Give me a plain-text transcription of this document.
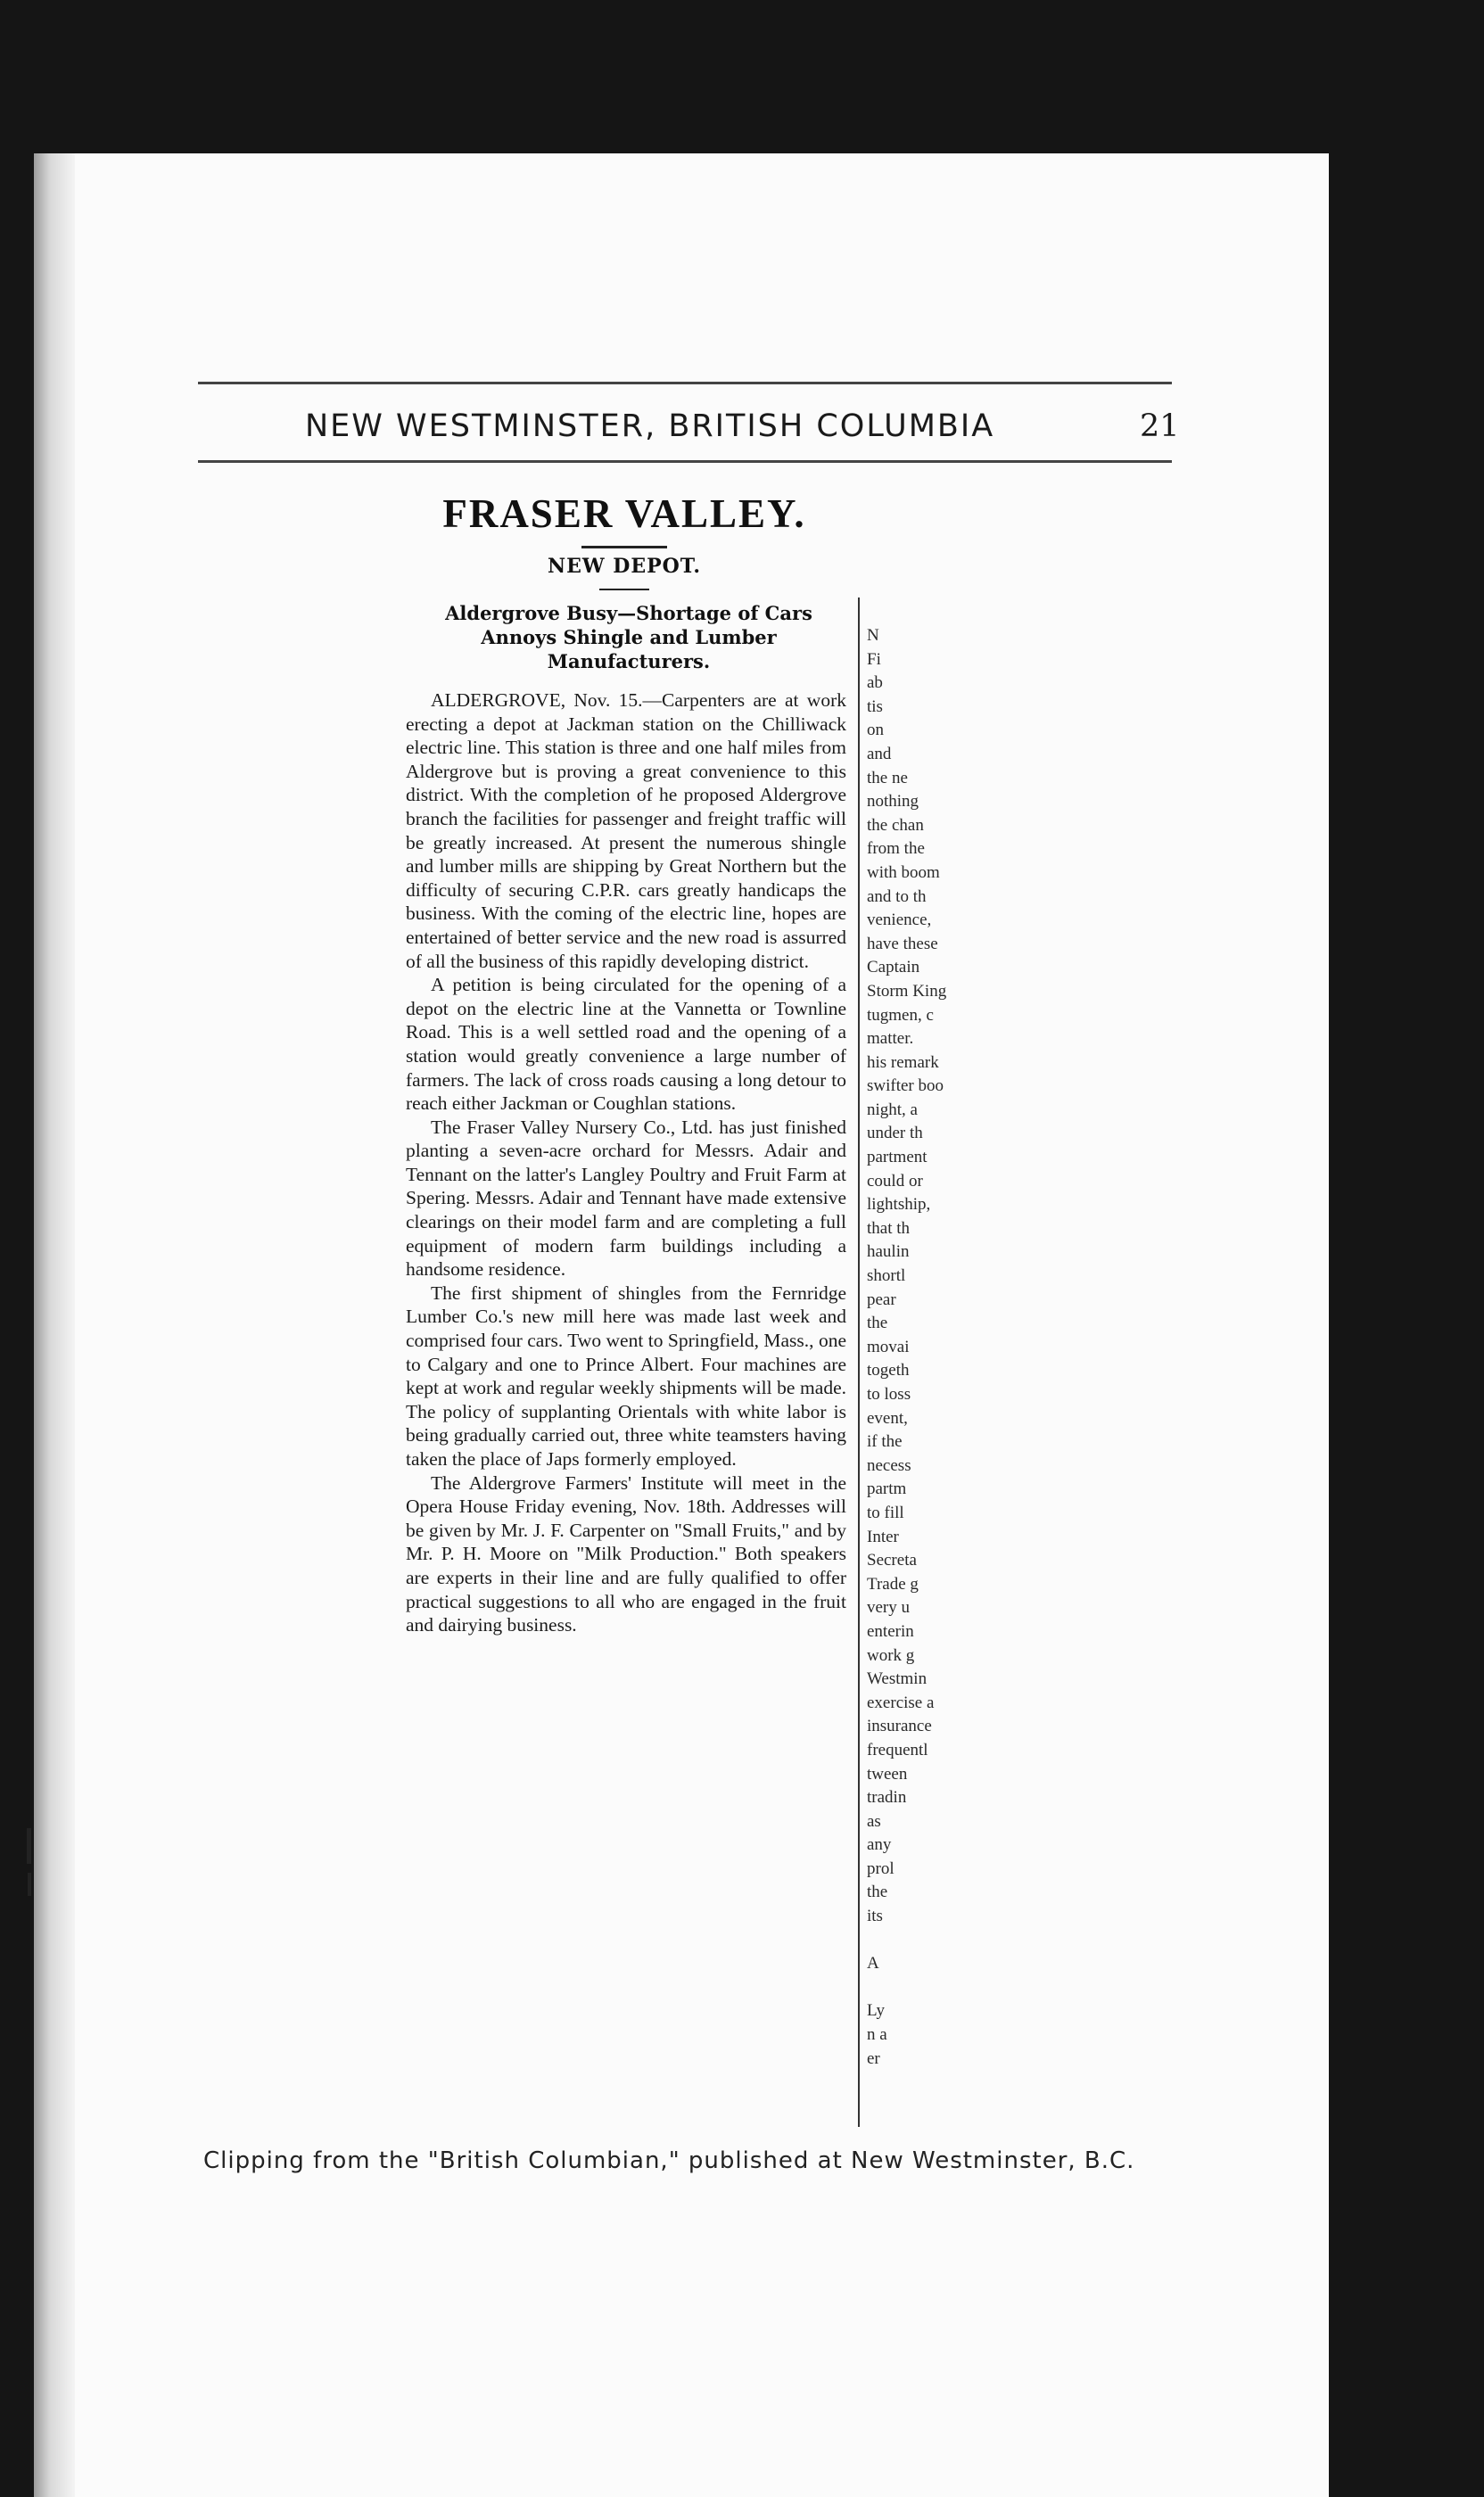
NEW WESTMINSTER, BRITISH COLUMBIA	21
FRASER VALLEY.
NEW DEPOT.
Aldergrove Busy—Shortage of Cars Annoys Shingle and Lumber Manufacturers.

ALDERGROVE, Nov. 15.—Carpenters are at work erecting a depot at Jackman station on the Chilliwack electric line. This station is three and one half miles from Aldergrove but is proving a great convenience to this district. With the completion of he proposed Aldergrove branch the facilities for passenger and freight traffic will be greatly increased. At present the numerous shingle and lumber mills are shipping by Great Northern but the difficulty of securing C.P.R. cars greatly handicaps the business. With the coming of the electric line, hopes are entertained of better service and the new road is assurred of all the business of this rapidly developing district.

A petition is being circulated for the opening of a depot on the electric line at the Vannetta or Townline Road. This is a well settled road and the opening of a station would greatly convenience a large number of farmers. The lack of cross roads causing a long detour to reach either Jackman or Coughlan stations.

The Fraser Valley Nursery Co., Ltd. has just finished planting a seven-acre orchard for Messrs. Adair and Tennant on the latter's Langley Poultry and Fruit Farm at Spering. Messrs. Adair and Tennant have made extensive clearings on their model farm and are completing a full equipment of modern farm buildings including a handsome residence.

The first shipment of shingles from the Fernridge Lumber Co.'s new mill here was made last week and comprised four cars. Two went to Springfield, Mass., one to Calgary and one to Prince Albert. Four machines are kept at work and regular weekly shipments will be made. The policy of supplanting Orientals with white labor is being gradually carried out, three white teamsters having taken the place of Japs formerly employed.

The Aldergrove Farmers' Institute will meet in the Opera House Friday evening, Nov. 18th. Addresses will be given by Mr. J. F. Carpenter on "Small Fruits," and by Mr. P. H. Moore on "Milk Production." Both speakers are experts in their line and are fully qualified to offer practical suggestions to all who are engaged in the fruit and dairying business.

N
Fi
ab
tis
on
and
the ne
nothing
the chan
from the
with boom
and to th
venience,
have these
Captain
Storm King
tugmen, c
matter.
his remark
swifter boo
night, a
under th
partment
could or
lightship,
that th
haulin
shortl
pear
the
movai
togeth
to loss
event,
if the
necess
partm
to fill
Inter
Secreta
Trade g
very u
enterin
work g
Westmin
exercise a
insurance
frequentl
tween
tradin
as
any
prol
the
its
A
Ly
n a
er
Clipping from the "British Columbian," published at New Westminster, B.C.
